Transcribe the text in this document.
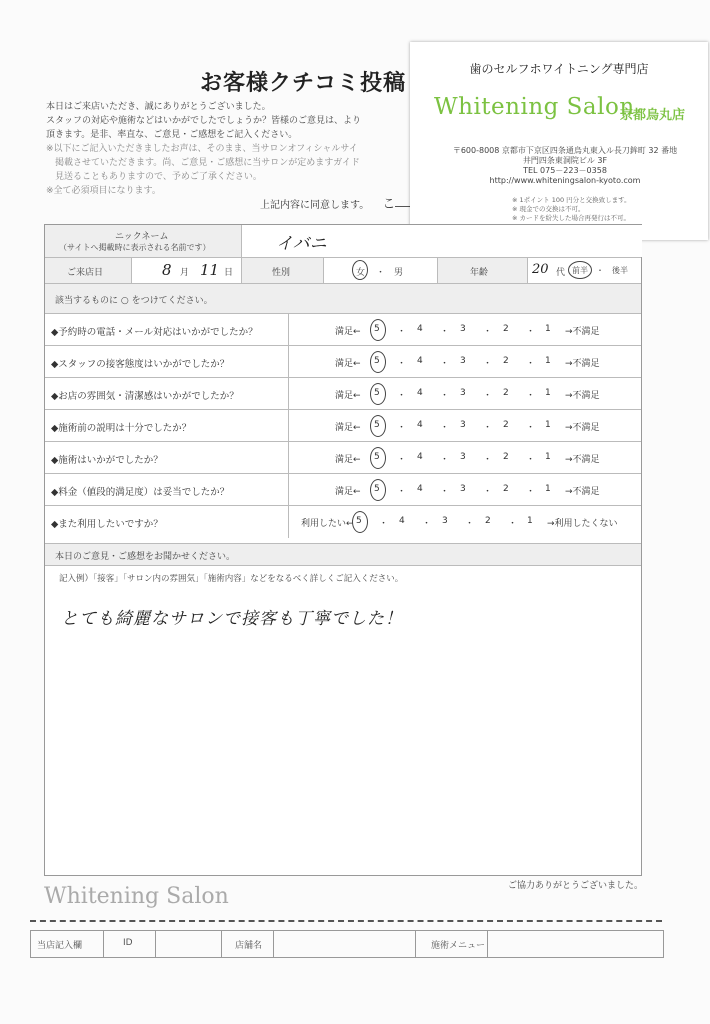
お客様クチコミ投稿
本日はご来店いただき、誠にありがとうございました。
スタッフの対応や施術などはいかがでしたでしょうか？皆様のご意見は、より
頂きます。是非、率直な、ご意見・ご感想をご記入ください。
※以下にご記入いただきましたお声は、そのまま、当サロンオフィシャルサイ
　掲載させていただきます。尚、ご意見・ご感想に当サロンが定めますガイド
　見送ることもありますので、予めご了承ください。
※全て必須項目になります。
上記内容に同意します。 こ
歯のセルフホワイトニング専門店
Whitening Salon
京都烏丸店
〒600-8008 京都市下京区四条通烏丸東入ル長刀鉾町 32 番地
井門四条東洞院ビル 3F
TEL 075－223－0358
http://www.whiteningsalon-kyoto.com
※ 1ポイント 100 円分と交換致します。
※ 現金での交換は不可。
※ カードを紛失した場合再発行は不可。
ニックネーム
（サイトへ掲載時に表示される名前です）	イバニ
ご来店日	8 月 11 日	性別	女 ・　男	年齢	20 代 前半 ・　後半
該当するものに ○ をつけてください。
◆予約時の電話・メール対応はいかがでしたか？	満足← 5 ・ 4 ・ 3 ・ 2 ・ 1 →不満足
◆スタッフの接客態度はいかがでしたか？	満足← 5 ・ 4 ・ 3 ・ 2 ・ 1 →不満足
◆お店の雰囲気・清潔感はいかがでしたか？	満足← 5 ・ 4 ・ 3 ・ 2 ・ 1 →不満足
◆施術前の説明は十分でしたか？	満足← 5 ・ 4 ・ 3 ・ 2 ・ 1 →不満足
◆施術はいかがでしたか？	満足← 5 ・ 4 ・ 3 ・ 2 ・ 1 →不満足
◆料金（値段的満足度）は妥当でしたか？	満足← 5 ・ 4 ・ 3 ・ 2 ・ 1 →不満足
◆また利用したいですか？	利用したい← 5 ・ 4 ・ 3 ・ 2 ・ 1 →利用したくない
本日のご意見・ご感想をお聞かせください。
記入例）「接客」「サロン内の雰囲気」「施術内容」などをなるべく詳しくご記入ください。
とても綺麗なサロンで接客も丁寧でした！
Whitening Salon	ご協力ありがとうございました。
当店記入欄	ID	店舗名	施術メニュー
